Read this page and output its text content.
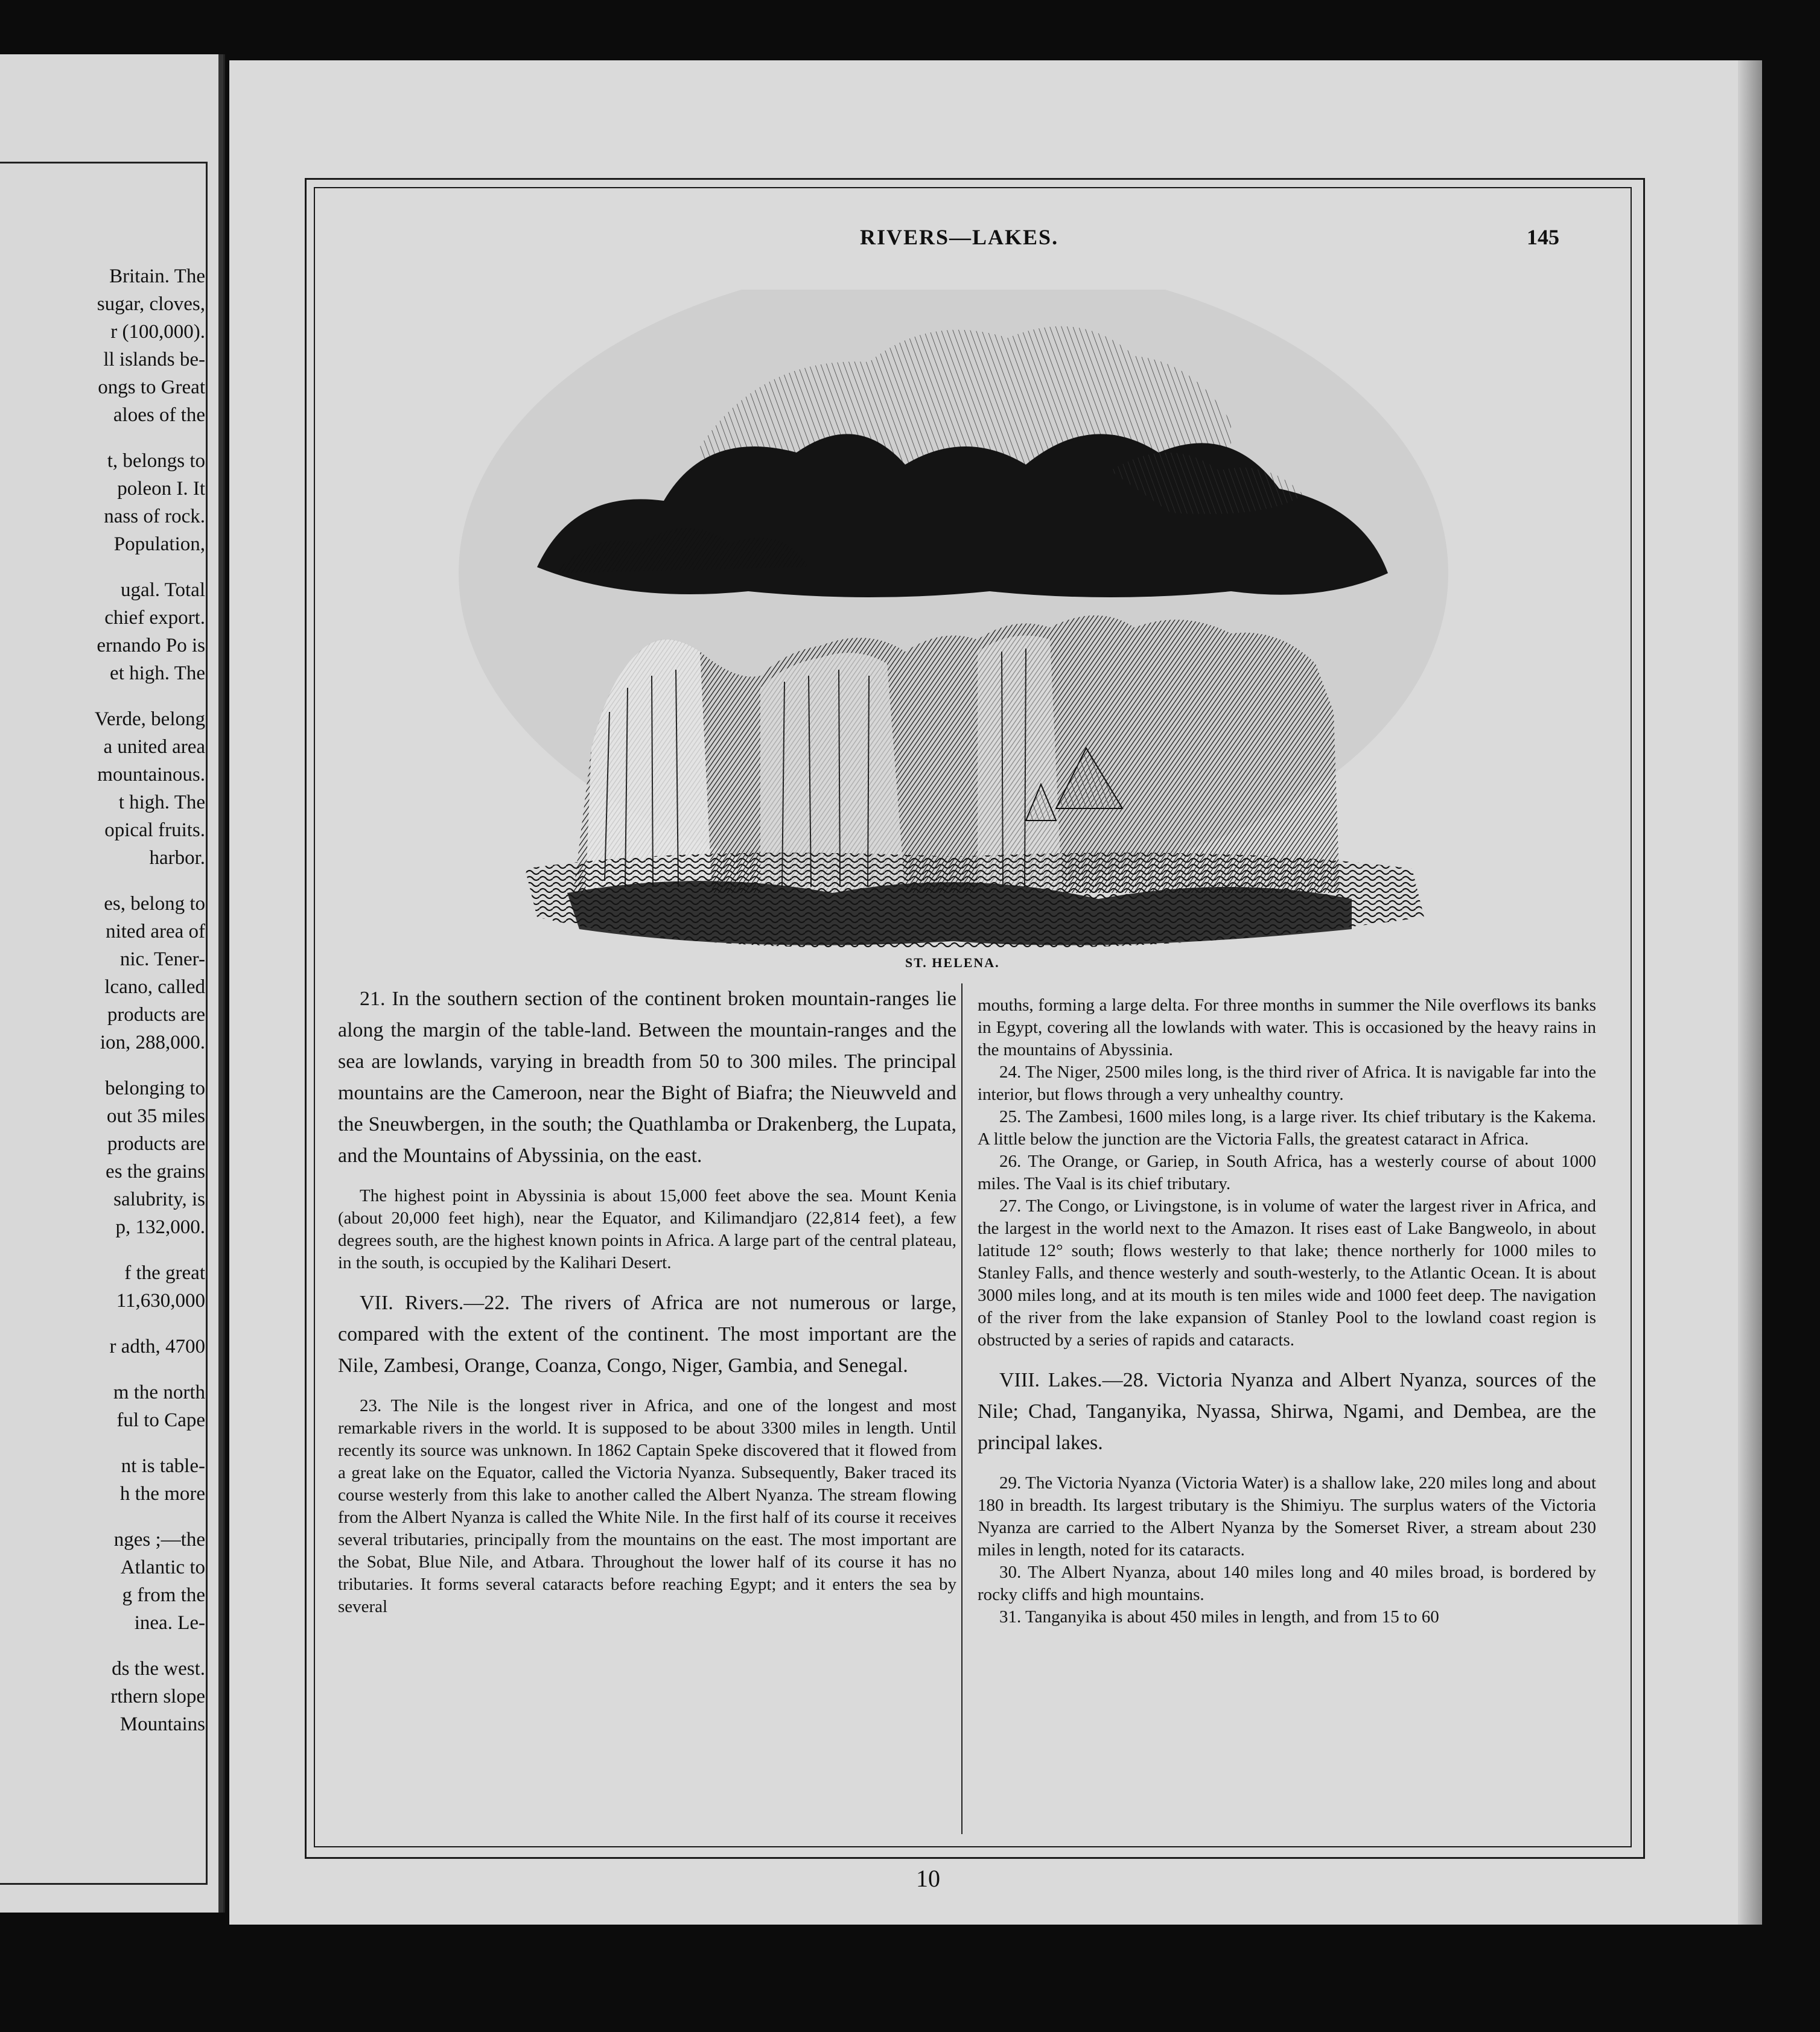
Britain. The
sugar, cloves,
r (100,000).
ll islands be-
ongs to Great
aloes of the
t, belongs to
poleon I. It
nass of rock.
Population,
ugal. Total
chief export.
ernando Po is
et high. The
Verde, belong
a united area
mountainous.
t high. The
opical fruits.
harbor.
es, belong to
nited area of
nic. Tener-
lcano, called
products are
ion, 288,000.
belonging to
out 35 miles
products are
es the grains
salubrity, is
p, 132,000.
f the great
11,630,000
r adth, 4700
m the north
ful to Cape
nt is table-
h the more
nges ;—the
Atlantic to
g from the
inea. Le-
ds the west.
rthern slope
Mountains
RIVERS—LAKES.	145
ST. HELENA.

21. In the southern section of the continent broken mountain-ranges lie along the margin of the table-land. Between the mountain-ranges and the sea are lowlands, varying in breadth from 50 to 300 miles. The principal mountains are the Cameroon, near the Bight of Biafra; the Nieuwveld and the Sneuwbergen, in the south; the Quathlamba or Drakenberg, the Lupata, and the Mountains of Abyssinia, on the east.

The highest point in Abyssinia is about 15,000 feet above the sea. Mount Kenia (about 20,000 feet high), near the Equator, and Kilimandjaro (22,814 feet), a few degrees south, are the highest known points in Africa. A large part of the central plateau, in the south, is occupied by the Kalihari Desert.

VII. Rivers.—22. The rivers of Africa are not numerous or large, compared with the extent of the continent. The most important are the Nile, Zambesi, Orange, Coanza, Congo, Niger, Gambia, and Senegal.

23. The Nile is the longest river in Africa, and one of the longest and most remarkable rivers in the world. It is supposed to be about 3300 miles in length. Until recently its source was unknown. In 1862 Captain Speke discovered that it flowed from a great lake on the Equator, called the Victoria Nyanza. Subsequently, Baker traced its course westerly from this lake to another called the Albert Nyanza. The stream flowing from the Albert Nyanza is called the White Nile. In the first half of its course it receives several tributaries, principally from the mountains on the east. The most important are the Sobat, Blue Nile, and Atbara. Throughout the lower half of its course it has no tributaries. It forms several cataracts before reaching Egypt; and it enters the sea by several

mouths, forming a large delta. For three months in summer the Nile overflows its banks in Egypt, covering all the lowlands with water. This is occasioned by the heavy rains in the mountains of Abyssinia.

24. The Niger, 2500 miles long, is the third river of Africa. It is navigable far into the interior, but flows through a very unhealthy country.

25. The Zambesi, 1600 miles long, is a large river. Its chief tributary is the Kakema. A little below the junction are the Victoria Falls, the greatest cataract in Africa.

26. The Orange, or Gariep, in South Africa, has a westerly course of about 1000 miles. The Vaal is its chief tributary.

27. The Congo, or Livingstone, is in volume of water the largest river in Africa, and the largest in the world next to the Amazon. It rises east of Lake Bangweolo, in about latitude 12° south; flows westerly to that lake; thence northerly for 1000 miles to Stanley Falls, and thence westerly and south-westerly, to the Atlantic Ocean. It is about 3000 miles long, and at its mouth is ten miles wide and 1000 feet deep. The navigation of the river from the lake expansion of Stanley Pool to the lowland coast region is obstructed by a series of rapids and cataracts.

VIII. Lakes.—28. Victoria Nyanza and Albert Nyanza, sources of the Nile; Chad, Tanganyika, Nyassa, Shirwa, Ngami, and Dembea, are the principal lakes.

29. The Victoria Nyanza (Victoria Water) is a shallow lake, 220 miles long and about 180 in breadth. Its largest tributary is the Shimiyu. The surplus waters of the Victoria Nyanza are carried to the Albert Nyanza by the Somerset River, a stream about 230 miles in length, noted for its cataracts.

30. The Albert Nyanza, about 140 miles long and 40 miles broad, is bordered by rocky cliffs and high mountains.

31. Tanganyika is about 450 miles in length, and from 15 to 60

10
